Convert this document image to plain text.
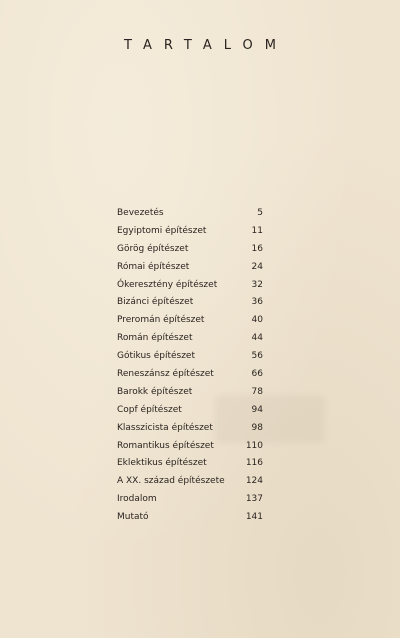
TARTALOM
Bevezetés	5
Egyiptomi építészet	11
Görög építészet	16
Római építészet	24
Ókeresztény építészet	32
Bizánci építészet	36
Preromán építészet	40
Román építészet	44
Gótikus építészet	56
Reneszánsz építészet	66
Barokk építészet	78
Copf építészet	94
Klasszicista építészet	98
Romantikus építészet	110
Eklektikus építészet	116
A XX. század építészete	124
Irodalom	137
Mutató	141
